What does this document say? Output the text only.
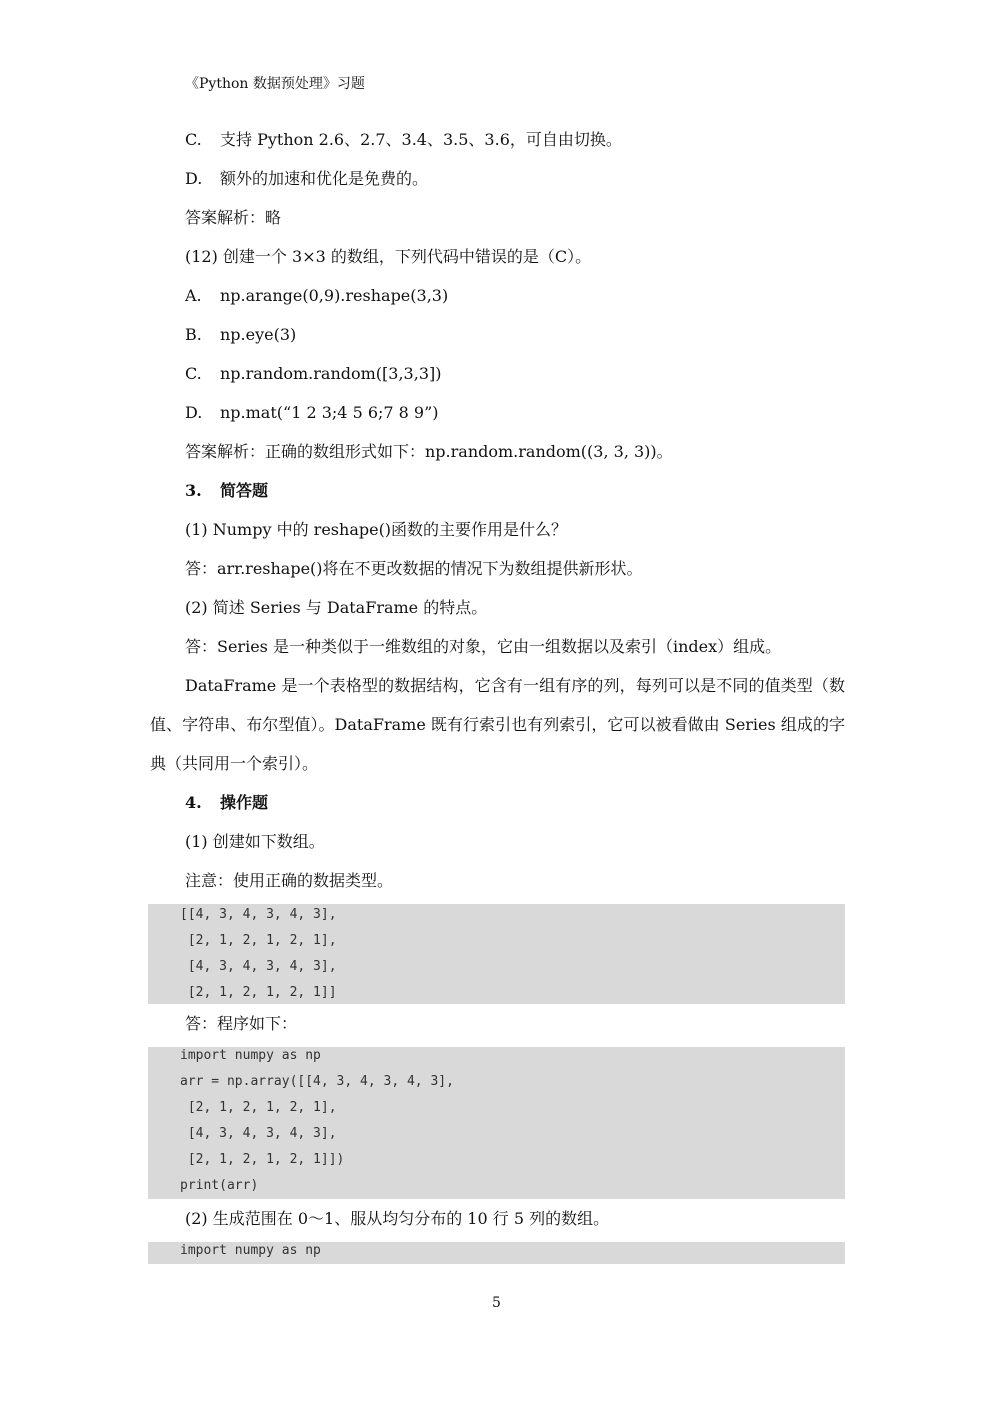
《Python 数据预处理》习题
C. 支持 Python 2.6、2.7、3.4、3.5、3.6，可自由切换。
D. 额外的加速和优化是免费的。
答案解析：略
(12) 创建一个 3×3 的数组，下列代码中错误的是（C）。
A. np.arange(0,9).reshape(3,3)
B. np.eye(3)
C. np.random.random([3,3,3])
D. np.mat(“1 2 3;4 5 6;7 8 9”)
答案解析：正确的数组形式如下：np.random.random((3, 3, 3))。
3. 简答题
(1) Numpy 中的 reshape()函数的主要作用是什么？
答：arr.reshape()将在不更改数据的情况下为数组提供新形状。
(2) 简述 Series 与 DataFrame 的特点。
答：Series 是一种类似于一维数组的对象，它由一组数据以及索引（index）组成。
DataFrame 是一个表格型的数据结构，它含有一组有序的列，每列可以是不同的值类型（数值、字符串、布尔型值）。DataFrame 既有行索引也有列索引，它可以被看做由 Series 组成的字典（共同用一个索引）。
4. 操作题
(1) 创建如下数组。
注意：使用正确的数据类型。
[[4, 3, 4, 3, 4, 3],
[2, 1, 2, 1, 2, 1],
[4, 3, 4, 3, 4, 3],
[2, 1, 2, 1, 2, 1]]
答：程序如下：
import numpy as np
arr = np.array([[4, 3, 4, 3, 4, 3],
[2, 1, 2, 1, 2, 1],
[4, 3, 4, 3, 4, 3],
[2, 1, 2, 1, 2, 1]])
print(arr)
(2) 生成范围在 0～1、服从均匀分布的 10 行 5 列的数组。
import numpy as np
5
